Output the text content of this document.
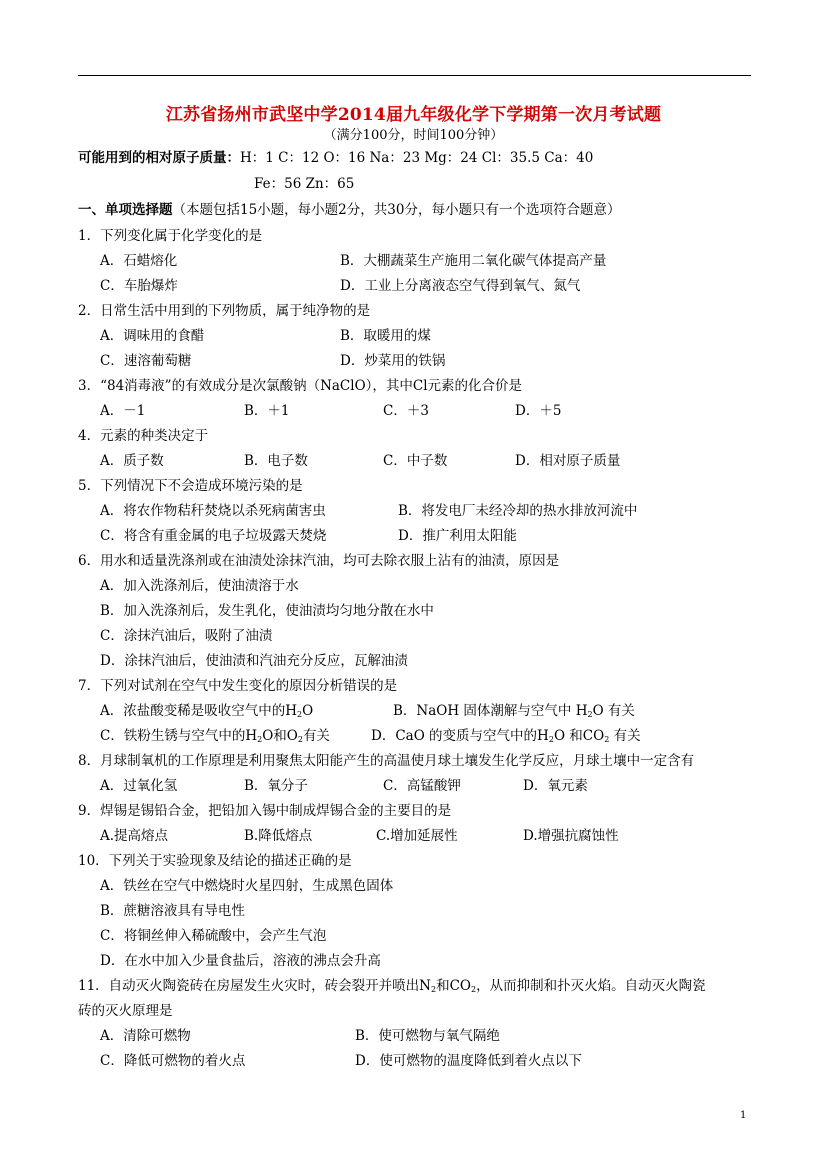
江苏省扬州市武坚中学2014届九年级化学下学期第一次月考试题
（满分100分，时间100分钟）
可能用到的相对原子质量：H：1 C：12 O：16 Na：23 Mg：24 Cl：35.5 Ca：40
Fe：56 Zn：65
一、单项选择题（本题包括15小题，每小题2分，共30分，每小题只有一个选项符合题意）
1．下列变化属于化学变化的是
A．石蜡熔化	B．大棚蔬菜生产施用二氧化碳气体提高产量
C．车胎爆炸	D．工业上分离液态空气得到氧气、氮气
2．日常生活中用到的下列物质，属于纯净物的是
A．调味用的食醋	B．取暖用的煤
C．速溶葡萄糖	D．炒菜用的铁锅
3．“84消毒液”的有效成分是次氯酸钠（NaClO），其中Cl元素的化合价是
A．－1	B．＋1	C．＋3	D．＋5
4．元素的种类决定于
A．质子数	B．电子数	C．中子数	D．相对原子质量
5．下列情况下不会造成环境污染的是
A．将农作物秸秆焚烧以杀死病菌害虫	B．将发电厂未经冷却的热水排放河流中
C．将含有重金属的电子垃圾露天焚烧	D．推广利用太阳能
6．用水和适量洗涤剂或在油渍处涂抹汽油，均可去除衣服上沾有的油渍，原因是
A．加入洗涤剂后，使油渍溶于水
B．加入洗涤剂后，发生乳化，使油渍均匀地分散在水中
C．涂抹汽油后，吸附了油渍
D．涂抹汽油后，使油渍和汽油充分反应，瓦解油渍
7．下列对试剂在空气中发生变化的原因分析错误的是
A．浓盐酸变稀是吸收空气中的$H_2O$	B．NaOH 固体潮解与空气中 $H_2O$ 有关
C．铁粉生锈与空气中的$H_2O$和$O_2$有关	D．CaO 的变质与空气中的$H_2O$ 和$CO_2$ 有关
8．月球制氧机的工作原理是利用聚焦太阳能产生的高温使月球土壤发生化学反应，月球土壤中一定含有
A．过氧化氢	B．氧分子	C．高锰酸钾	D．氧元素
9．焊锡是锡铅合金，把铅加入锡中制成焊锡合金的主要目的是
A.提高熔点	B.降低熔点	C.增加延展性	D.增强抗腐蚀性
10．下列关于实验现象及结论的描述正确的是
A．铁丝在空气中燃烧时火星四射，生成黑色固体
B．蔗糖溶液具有导电性
C．将铜丝伸入稀硫酸中，会产生气泡
D．在水中加入少量食盐后，溶液的沸点会升高
11．自动灭火陶瓷砖在房屋发生火灾时，砖会裂开并喷出$N_2$和$CO_2$，从而抑制和扑灭火焰。自动灭火陶瓷
砖的灭火原理是
A．清除可燃物	B．使可燃物与氧气隔绝
C．降低可燃物的着火点	D．使可燃物的温度降低到着火点以下
1
